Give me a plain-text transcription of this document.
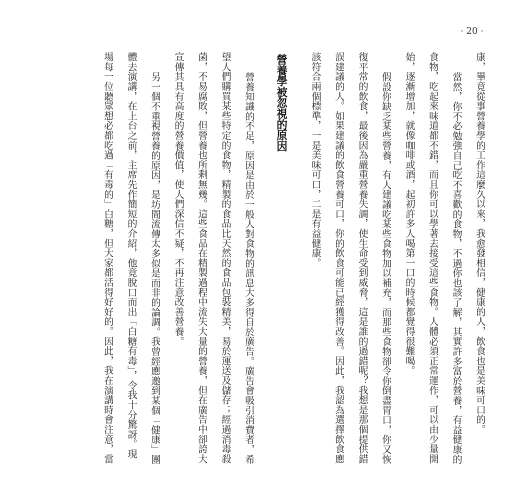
· 20 ·
康，畢竟從事營養學的工作這麼久以來，我愈發相信，健康的人，飲食也是美味可口的。
當然，你不必勉強自己吃不喜歡的食物，不過你也該了解，其實許多富於營養，有益健康的
食物，吃起來味道都不錯，而且你可以學著去接受這些食物。人體必須正常運作，可以由少量開
始，逐漸增加，就像咖啡或酒，起初許多人喝第一口的時候都覺得很難喝。
假設你缺乏某些營養，有人建議吃某些食物加以補充，而那些食物卻令你倒盡胃口，你又恢
復平常的飲食，最後因為嚴重營養失調，使生命受到威脅，這是誰的過錯呢？我想是那個提供錯
誤建議的人。如果建議的飲食營養可口，你的飲食可能已經獲得改善。因此，我認為選擇飲食應
該符合兩個標準，一是美味可口，二是有益健康。
營養學被忽視的原因
營養知識的不足，原因是由於一般人對食物的訊息大多得自於廣告。廣告會吸引消費者，希
望人們購買某些特定的食物，精製的食品比天然的食品包裝精美，易於運送及儲存；經過消毒殺
菌，不易腐敗，但營養也所剩無幾。這些食品在精製過程中流失大量的營養，但在廣告中卻誇大
宣傳其具有高度的營養價值，使人們深信不疑，不再注意改善營養。
另一個不重視營養的原因，是坊間流傳太多似是而非的論調。我曾經應邀到某個「健康」團
體去演講，在上台之前，主席先作簡短的介紹，他竟脫口而出「白糖有毒」，令我十分驚訝。現
場每一位聽眾想必都吃過「有毒的」白糖，但大家都活得好好的。因此，我在演講時會注意，當
